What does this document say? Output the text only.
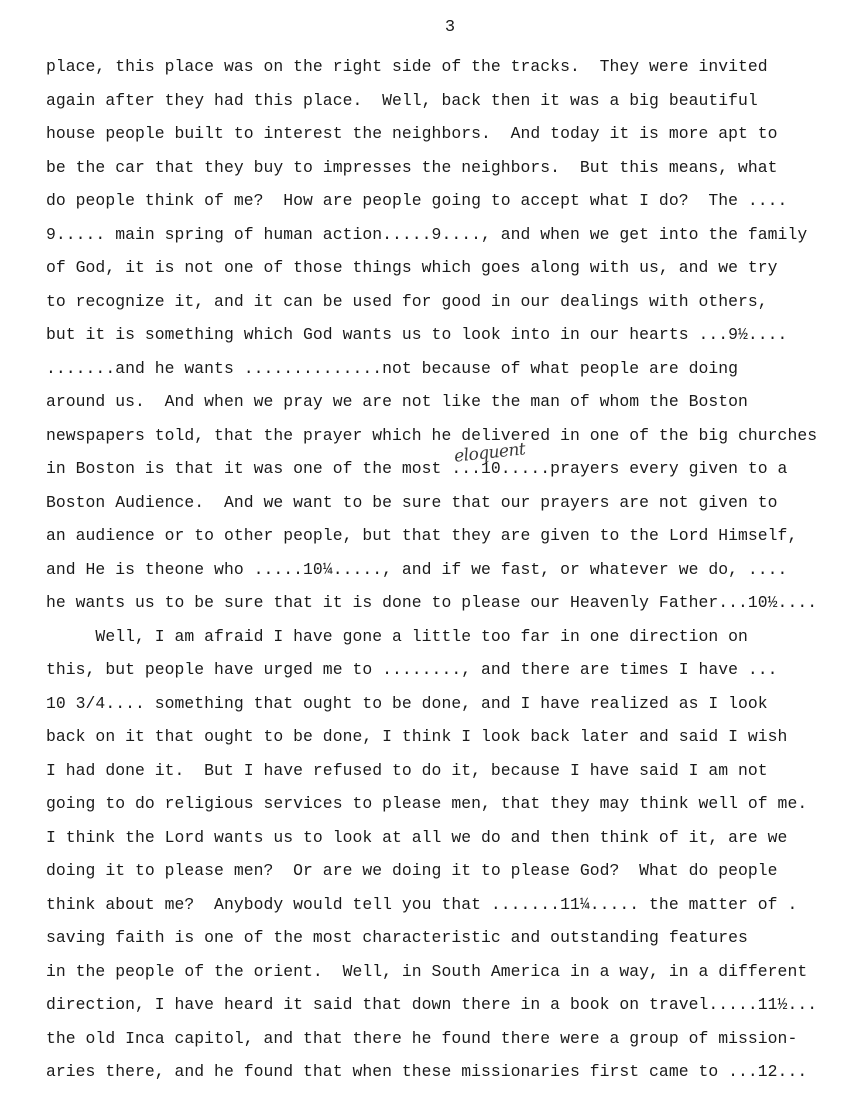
3
eloquent
place, this place was on the right side of the tracks.  They were invited
again after they had this place.  Well, back then it was a big beautiful
house people built to interest the neighbors.  And today it is more apt to
be the car that they buy to impresses the neighbors.  But this means, what
do people think of me?  How are people going to accept what I do?  The ....
9..... main spring of human action.....9...., and when we get into the family
of God, it is not one of those things which goes along with us, and we try
to recognize it, and it can be used for good in our dealings with others,
but it is something which God wants us to look into in our hearts ...9½....
.......and he wants ..............not because of what people are doing
around us.  And when we pray we are not like the man of whom the Boston
newspapers told, that the prayer which he delivered in one of the big churches
in Boston is that it was one of the most ...10.....prayers every given to a
Boston Audience.  And we want to be sure that our prayers are not given to
an audience or to other people, but that they are given to the Lord Himself,
and He is theone who .....10¼....., and if we fast, or whatever we do, ....
he wants us to be sure that it is done to please our Heavenly Father...10½....
Well, I am afraid I have gone a little too far in one direction on
this, but people have urged me to ........, and there are times I have ...
10 3/4.... something that ought to be done, and I have realized as I look
back on it that ought to be done, I think I look back later and said I wish
I had done it.  But I have refused to do it, because I have said I am not
going to do religious services to please men, that they may think well of me.
I think the Lord wants us to look at all we do and then think of it, are we
doing it to please men?  Or are we doing it to please God?  What do people
think about me?  Anybody would tell you that .......11¼..... the matter of .
saving faith is one of the most characteristic and outstanding features
in the people of the orient.  Well, in South America in a way, in a different
direction, I have heard it said that down there in a book on travel.....11½...
the old Inca capitol, and that there he found there were a group of mission-
aries there, and he found that when these missionaries first came to ...12...
